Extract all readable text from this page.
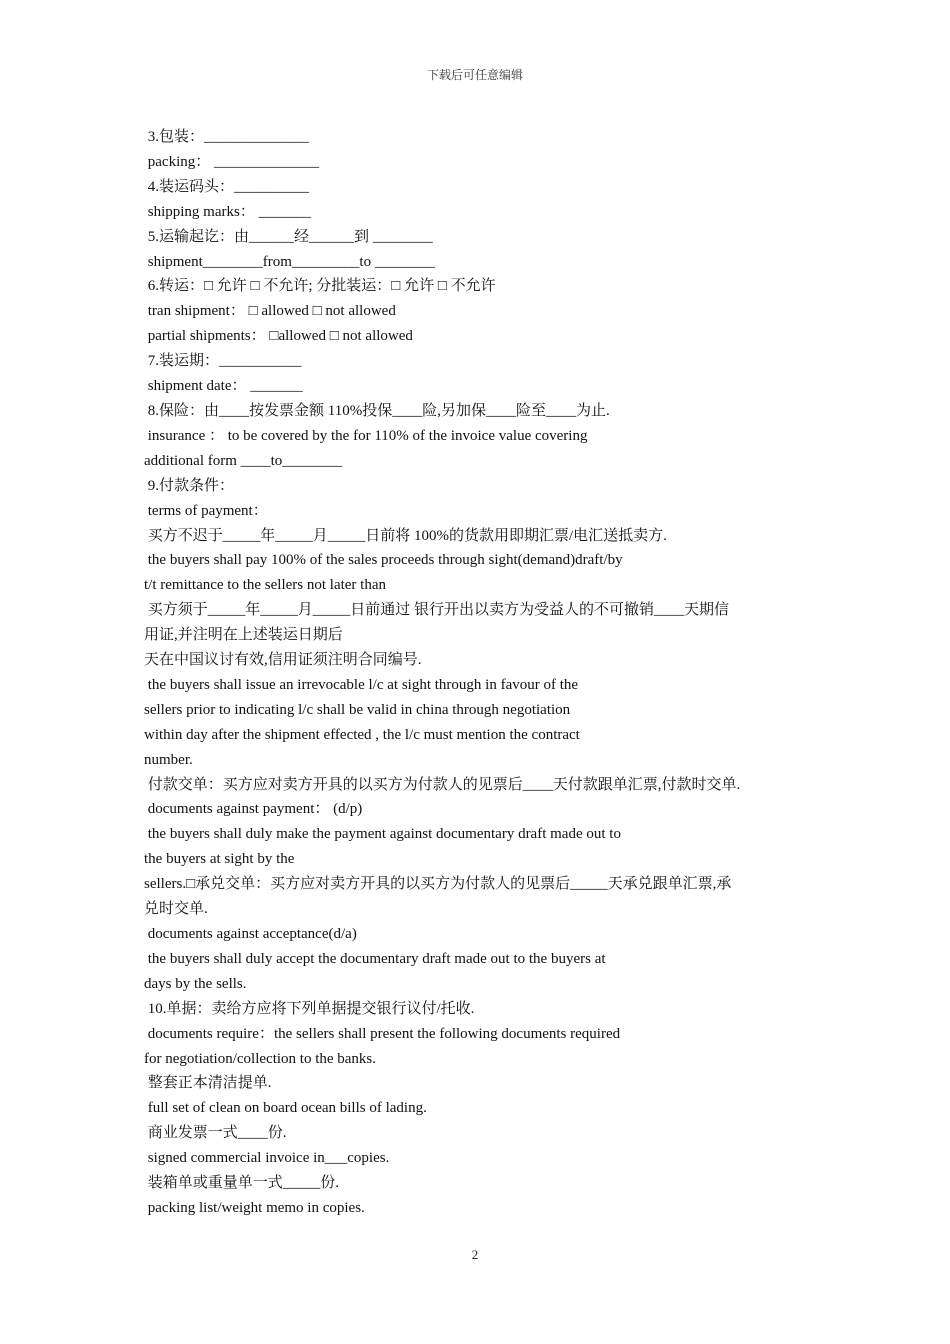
下载后可任意编辑
3.包装：______________
packing： ______________
4.装运码头：__________
shipping marks： _______
5.运输起讫：由______经______到 ________
shipment________from_________to ________
6.转运：□ 允许 □ 不允许; 分批装运：□ 允许 □ 不允许
tran shipment： □ allowed □ not allowed
partial shipments： □allowed □ not allowed
7.装运期：___________
shipment date： _______
8.保险：由____按发票金额 110%投保____险,另加保____险至____为止.
insurance ： to be covered by the for 110% of the invoice value covering
additional form ____to________
9.付款条件：
terms of payment：
买方不迟于_____年_____月_____日前将 100%的货款用即期汇票/电汇送抵卖方.
the buyers shall pay 100% of the sales proceeds through sight(demand)draft/by
t/t remittance to the sellers not later than
买方须于_____年_____月_____日前通过 银行开出以卖方为受益人的不可撤销____天期信
用证,并注明在上述装运日期后
天在中国议讨有效,信用证须注明合同编号.
the buyers shall issue an irrevocable l/c at sight through in favour of the
sellers prior to indicating l/c shall be valid in china through negotiation
within day after the shipment effected , the l/c must mention the contract
number.
付款交单：买方应对卖方开具的以买方为付款人的见票后____天付款跟单汇票,付款时交单.
documents against payment： (d/p)
the buyers shall duly make the payment against documentary draft made out to
the buyers at sight by the
sellers.□承兑交单：买方应对卖方开具的以买方为付款人的见票后_____天承兑跟单汇票,承
兑时交单.
documents against acceptance(d/a)
the buyers shall duly accept the documentary draft made out to the buyers at
days by the sells.
10.单据：卖给方应将下列单据提交银行议付/托收.
documents require：the sellers shall present the following documents required
for negotiation/collection to the banks.
整套正本清洁提单.
full set of clean on board ocean bills of lading.
商业发票一式____份.
signed commercial invoice in___copies.
装箱单或重量单一式_____份.
packing list/weight memo in copies.
2
